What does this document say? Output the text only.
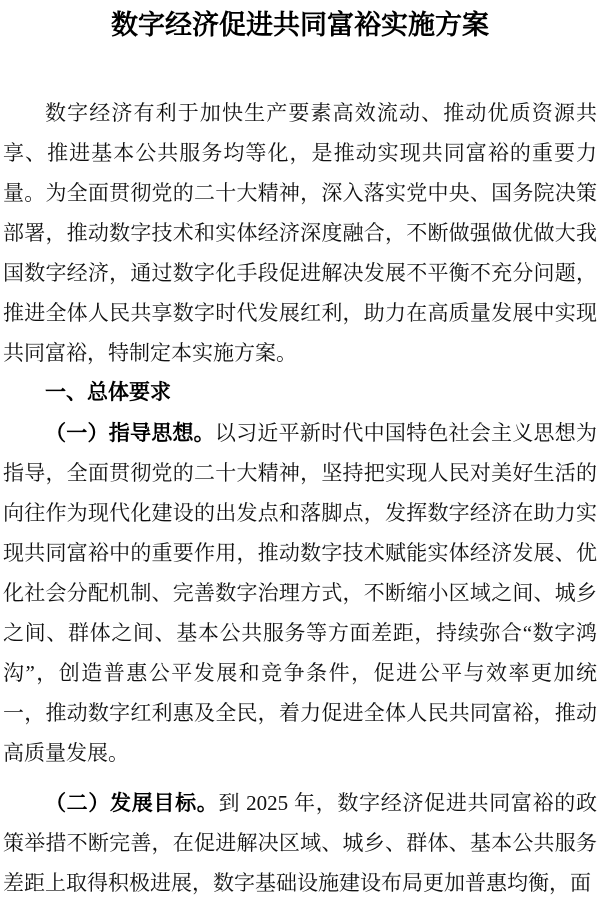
数字经济促进共同富裕实施方案

数字经济有利于加快生产要素高效流动、推动优质资源共享、推进基本公共服务均等化，是推动实现共同富裕的重要力量。为全面贯彻党的二十大精神，深入落实党中央、国务院决策部署，推动数字技术和实体经济深度融合，不断做强做优做大我国数字经济，通过数字化手段促进解决发展不平衡不充分问题，推进全体人民共享数字时代发展红利，助力在高质量发展中实现共同富裕，特制定本实施方案。

一、总体要求

（一）指导思想。以习近平新时代中国特色社会主义思想为指导，全面贯彻党的二十大精神，坚持把实现人民对美好生活的向往作为现代化建设的出发点和落脚点，发挥数字经济在助力实现共同富裕中的重要作用，推动数字技术赋能实体经济发展、优化社会分配机制、完善数字治理方式，不断缩小区域之间、城乡之间、群体之间、基本公共服务等方面差距，持续弥合“数字鸿沟”，创造普惠公平发展和竞争条件，促进公平与效率更加统一，推动数字红利惠及全民，着力促进全体人民共同富裕，推动高质量发展。

（二）发展目标。到 2025 年，数字经济促进共同富裕的政策举措不断完善，在促进解决区域、城乡、群体、基本公共服务差距上取得积极进展，数字基础设施建设布局更加普惠均衡，面
